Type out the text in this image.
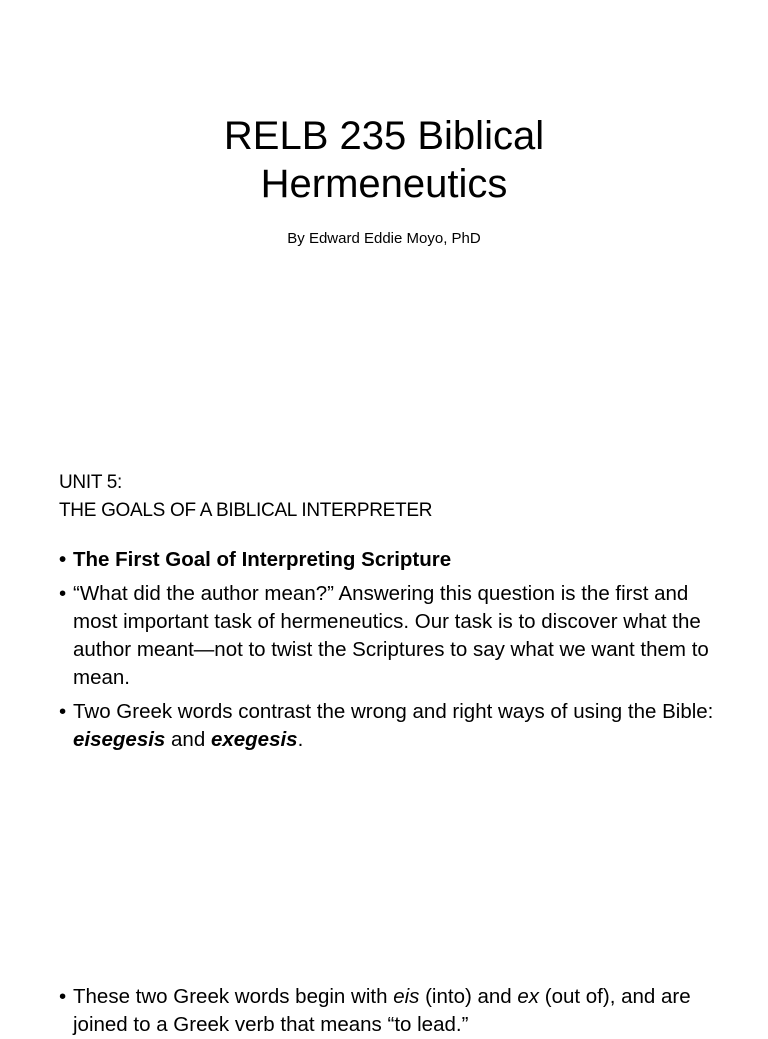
RELB 235 Biblical
Hermeneutics
By Edward Eddie Moyo, PhD
UNIT 5:
THE GOALS OF A BIBLICAL INTERPRETER
• The First Goal of Interpreting Scripture
• “What did the author mean?” Answering this question is the first and most important task of hermeneutics. Our task is to discover what the author meant—not to twist the Scriptures to say what we want them to mean.
• Two Greek words contrast the wrong and right ways of using the Bible: eisegesis and exegesis.
• These two Greek words begin with eis (into) and ex (out of), and are joined to a Greek verb that means “to lead.”
